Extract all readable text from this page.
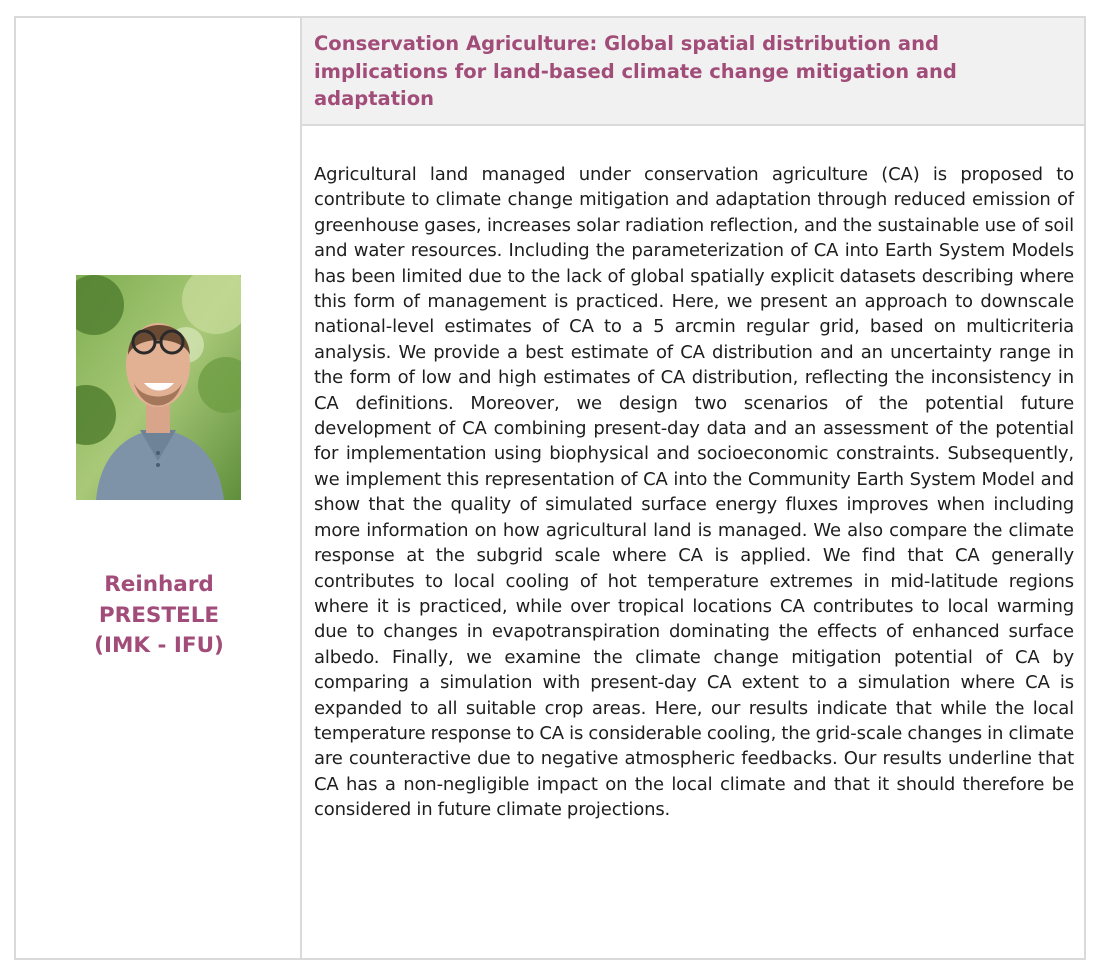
Reinhard
PRESTELE
(IMK - IFU)
Conservation Agriculture: Global spatial distribution and implications for land-based climate change mitigation and adaptation

Agricultural land managed under conservation agriculture (CA) is proposed to contribute to climate change mitigation and adaptation through reduced emission of greenhouse gases, increases solar radiation reflection, and the sustainable use of soil and water resources. Including the parameterization of CA into Earth System Models has been limited due to the lack of global spatially explicit datasets describing where this form of management is practiced. Here, we present an approach to downscale national-level estimates of CA to a 5 arcmin regular grid, based on multicriteria analysis. We provide a best estimate of CA distribution and an uncertainty range in the form of low and high estimates of CA distribution, reflecting the inconsistency in CA definitions. Moreover, we design two scenarios of the potential future development of CA combining present-day data and an assessment of the potential for implementation using biophysical and socioeconomic constraints. Subsequently, we implement this representation of CA into the Community Earth System Model and show that the quality of simulated surface energy fluxes improves when including more information on how agricultural land is managed. We also compare the climate response at the subgrid scale where CA is applied. We find that CA generally contributes to local cooling of hot temperature extremes in mid-latitude regions where it is practiced, while over tropical locations CA contributes to local warming due to changes in evapotranspiration dominating the effects of enhanced surface albedo. Finally, we examine the climate change mitigation potential of CA by comparing a simulation with present-day CA extent to a simulation where CA is expanded to all suitable crop areas. Here, our results indicate that while the local temperature response to CA is considerable cooling, the grid-scale changes in climate are counteractive due to negative atmospheric feedbacks. Our results underline that CA has a non-negligible impact on the local climate and that it should therefore be considered in future climate projections.
